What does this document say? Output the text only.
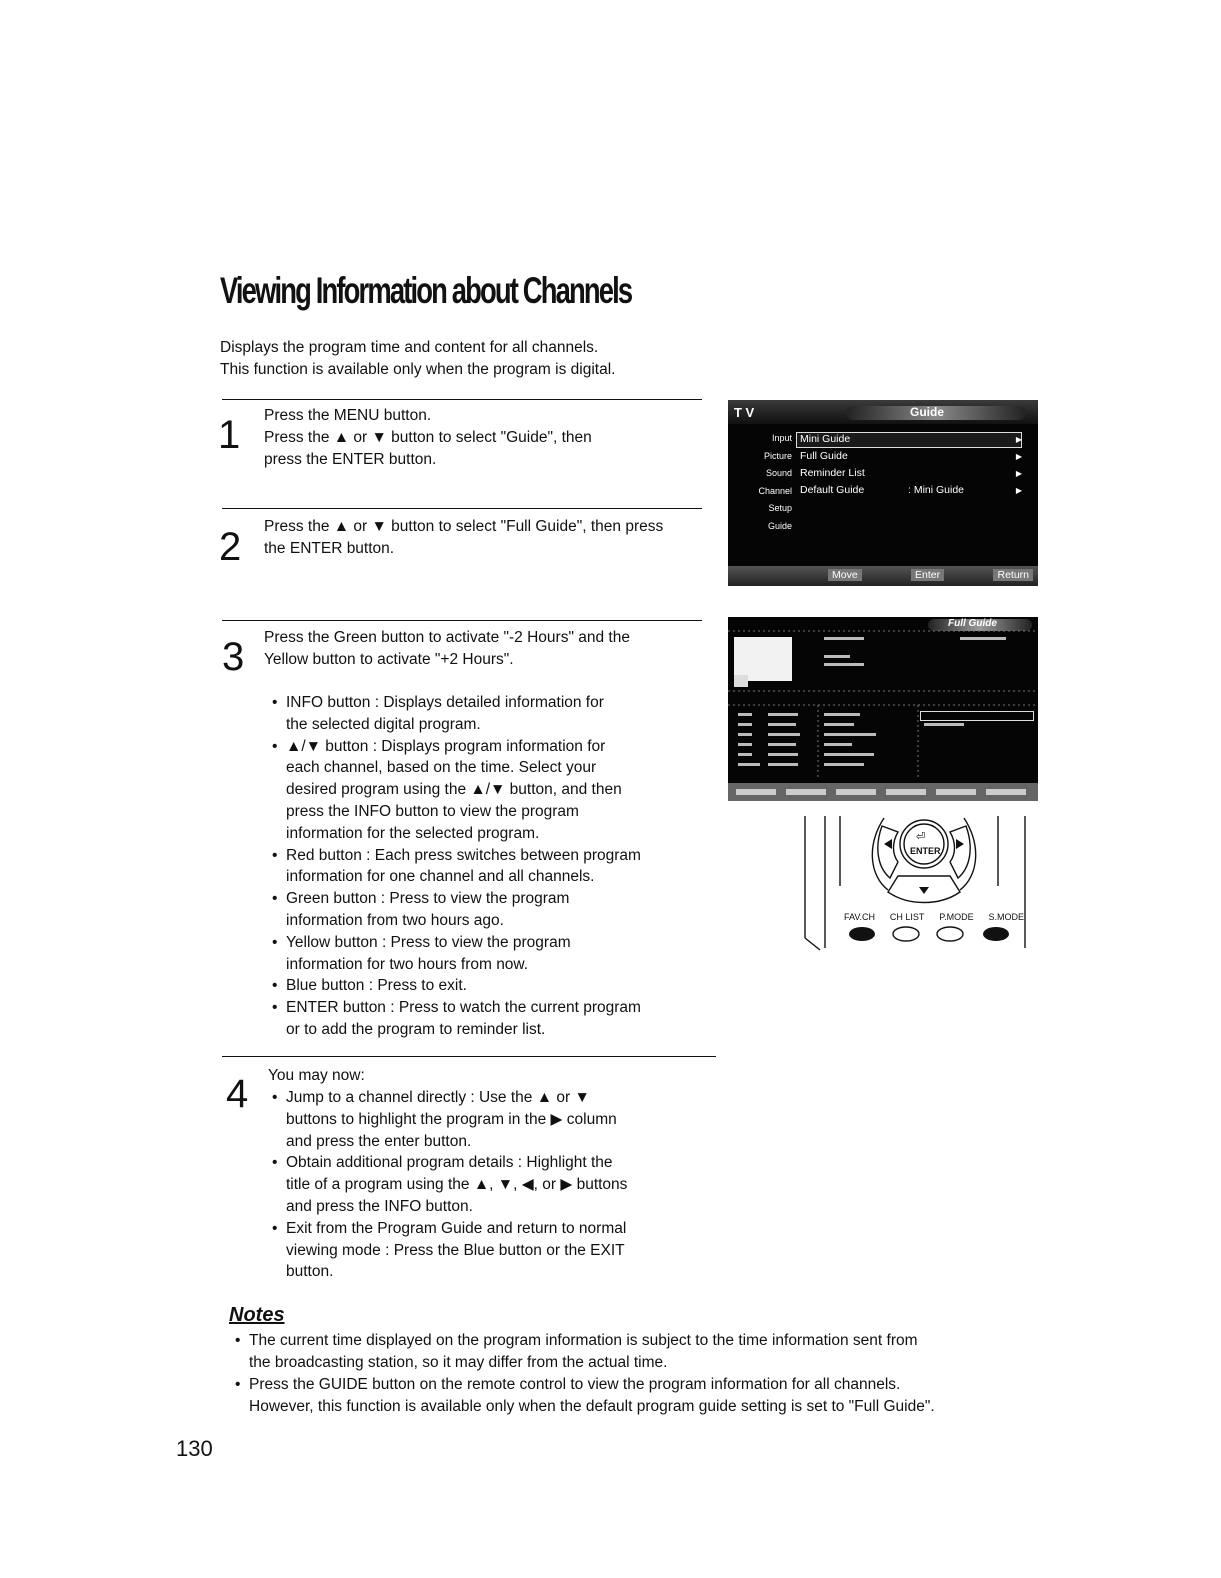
Viewing Information about Channels
Displays the program time and content for all channels.
This function is available only when the program is digital.
1 Press the MENU button.
Press the ▲ or ▼ button to select "Guide", then
press the ENTER button.
2 Press the ▲ or ▼ button to select "Full Guide", then press
the ENTER button.
3 Press the Green button to activate "-2 Hours" and the
Yellow button to activate "+2 Hours".
• INFO button : Displays detailed information for
the selected digital program.
• ▲/▼ button : Displays program information for
each channel, based on the time. Select your
desired program using the ▲/▼ button, and then
press the INFO button to view the program
information for the selected program.
• Red button : Each press switches between program
information for one channel and all channels.
• Green button : Press to view the program
information from two hours ago.
• Yellow button : Press to view the program
information for two hours from now.
• Blue button : Press to exit.
• ENTER button : Press to watch the current program
or to add the program to reminder list.
4 You may now:
• Jump to a channel directly : Use the ▲ or ▼
buttons to highlight the program in the ▶ column
and press the enter button.
• Obtain additional program details : Highlight the
title of a program using the ▲, ▼, ◀, or ▶ buttons
and press the INFO button.
• Exit from the Program Guide and return to normal
viewing mode : Press the Blue button or the EXIT
button.
Notes
• The current time displayed on the program information is subject to the time information sent from
the broadcasting station, so it may differ from the actual time.
• Press the GUIDE button on the remote control to view the program information for all channels.
However, this function is available only when the default program guide setting is set to "Full Guide".
130
T V	Guide
Input
Picture
Sound
Channel
Setup
Guide
Mini Guide	▶
Full Guide	▶
Reminder List	▶
Default Guide	: Mini Guide	▶
Move	Enter	Return
Full Guide
ENTER
⏎
FAV.CH CH LIST P.MODE S.MODE
